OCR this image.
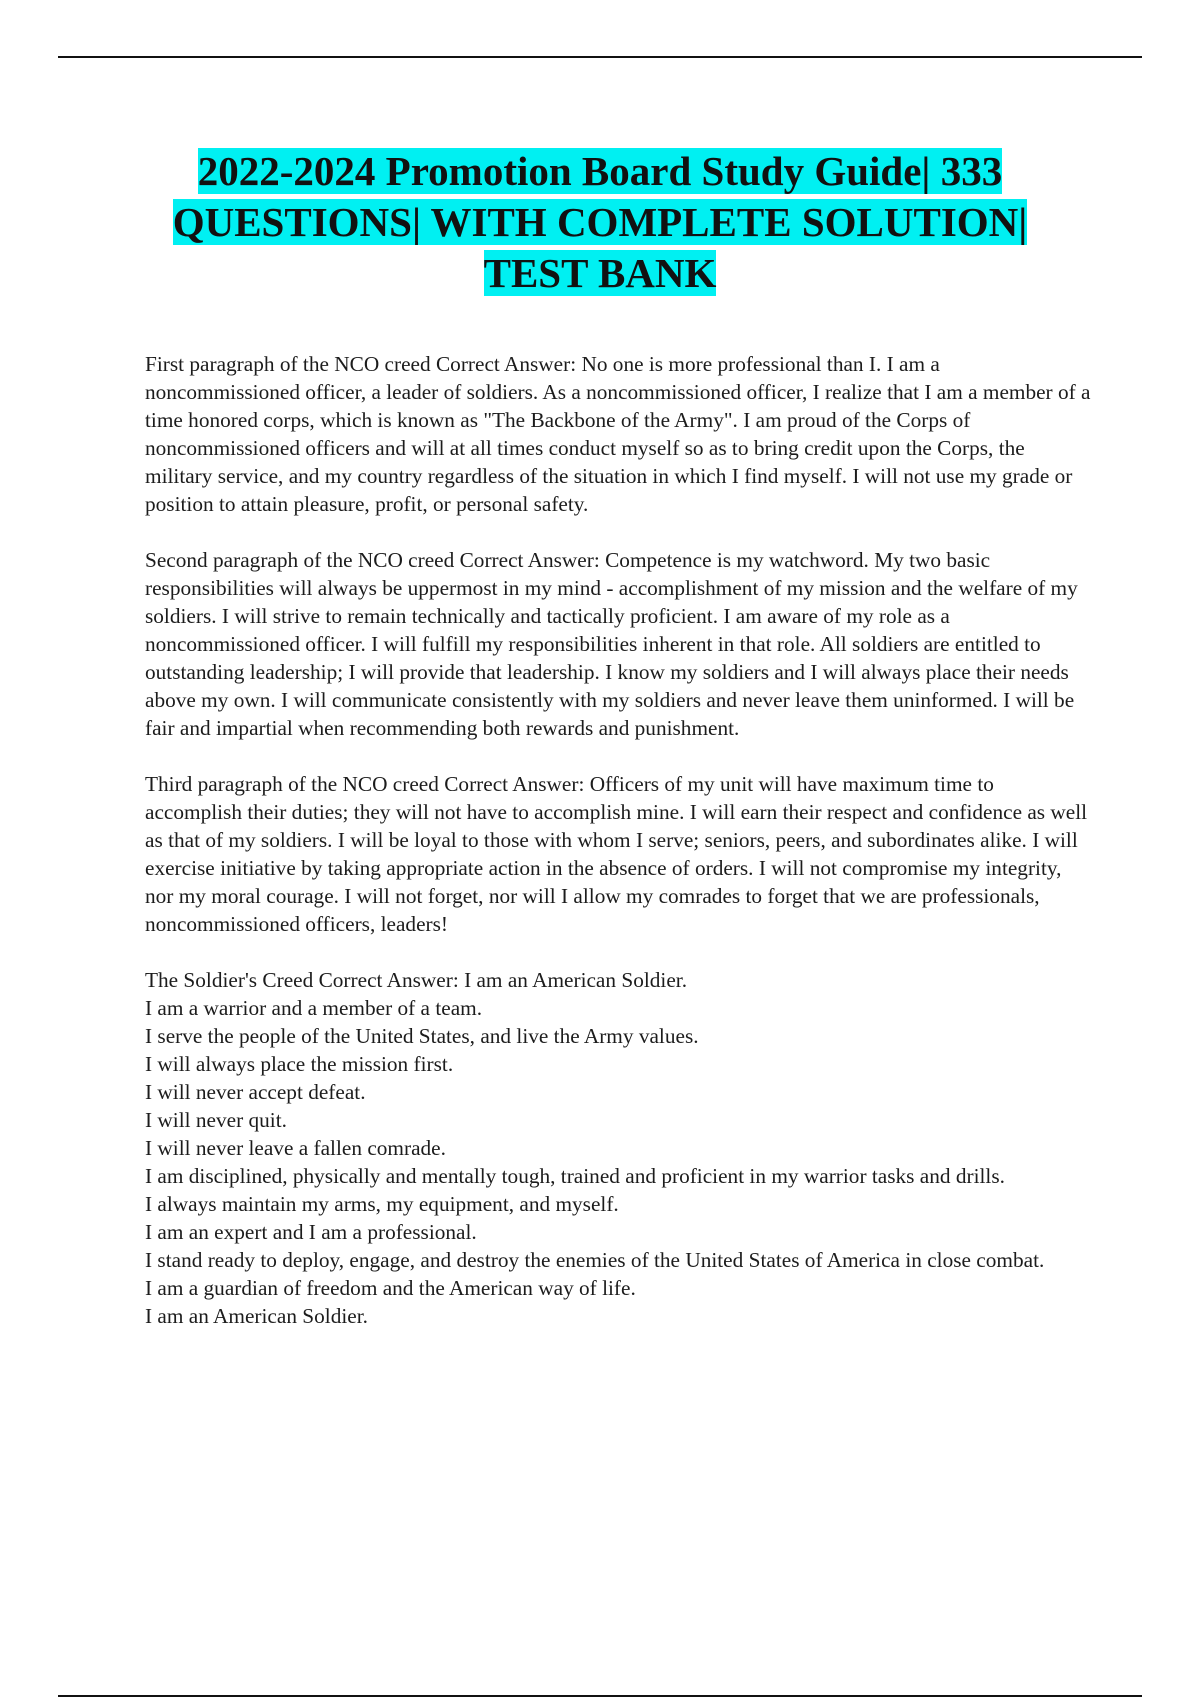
2022-2024 Promotion Board Study Guide| 333
QUESTIONS| WITH COMPLETE SOLUTION|
TEST BANK

First paragraph of the NCO creed Correct Answer: No one is more professional than I. I am a noncommissioned officer, a leader of soldiers. As a noncommissioned officer, I realize that I am a member of a time honored corps, which is known as "The Backbone of the Army". I am proud of the Corps of noncommissioned officers and will at all times conduct myself so as to bring credit upon the Corps, the military service, and my country regardless of the situation in which I find myself. I will not use my grade or position to attain pleasure, profit, or personal safety.

Second paragraph of the NCO creed Correct Answer: Competence is my watchword. My two basic responsibilities will always be uppermost in my mind - accomplishment of my mission and the welfare of my soldiers. I will strive to remain technically and tactically proficient. I am aware of my role as a noncommissioned officer. I will fulfill my responsibilities inherent in that role. All soldiers are entitled to outstanding leadership; I will provide that leadership. I know my soldiers and I will always place their needs above my own. I will communicate consistently with my soldiers and never leave them uninformed. I will be fair and impartial when recommending both rewards and punishment.

Third paragraph of the NCO creed Correct Answer: Officers of my unit will have maximum time to accomplish their duties; they will not have to accomplish mine. I will earn their respect and confidence as well as that of my soldiers. I will be loyal to those with whom I serve; seniors, peers, and subordinates alike. I will exercise initiative by taking appropriate action in the absence of orders. I will not compromise my integrity, nor my moral courage. I will not forget, nor will I allow my comrades to forget that we are professionals, noncommissioned officers, leaders!

The Soldier's Creed Correct Answer: I am an American Soldier.
I am a warrior and a member of a team.
I serve the people of the United States, and live the Army values.
I will always place the mission first.
I will never accept defeat.
I will never quit.
I will never leave a fallen comrade.
I am disciplined, physically and mentally tough, trained and proficient in my warrior tasks and drills.
I always maintain my arms, my equipment, and myself.
I am an expert and I am a professional.
I stand ready to deploy, engage, and destroy the enemies of the United States of America in close combat.
I am a guardian of freedom and the American way of life.
I am an American Soldier.
